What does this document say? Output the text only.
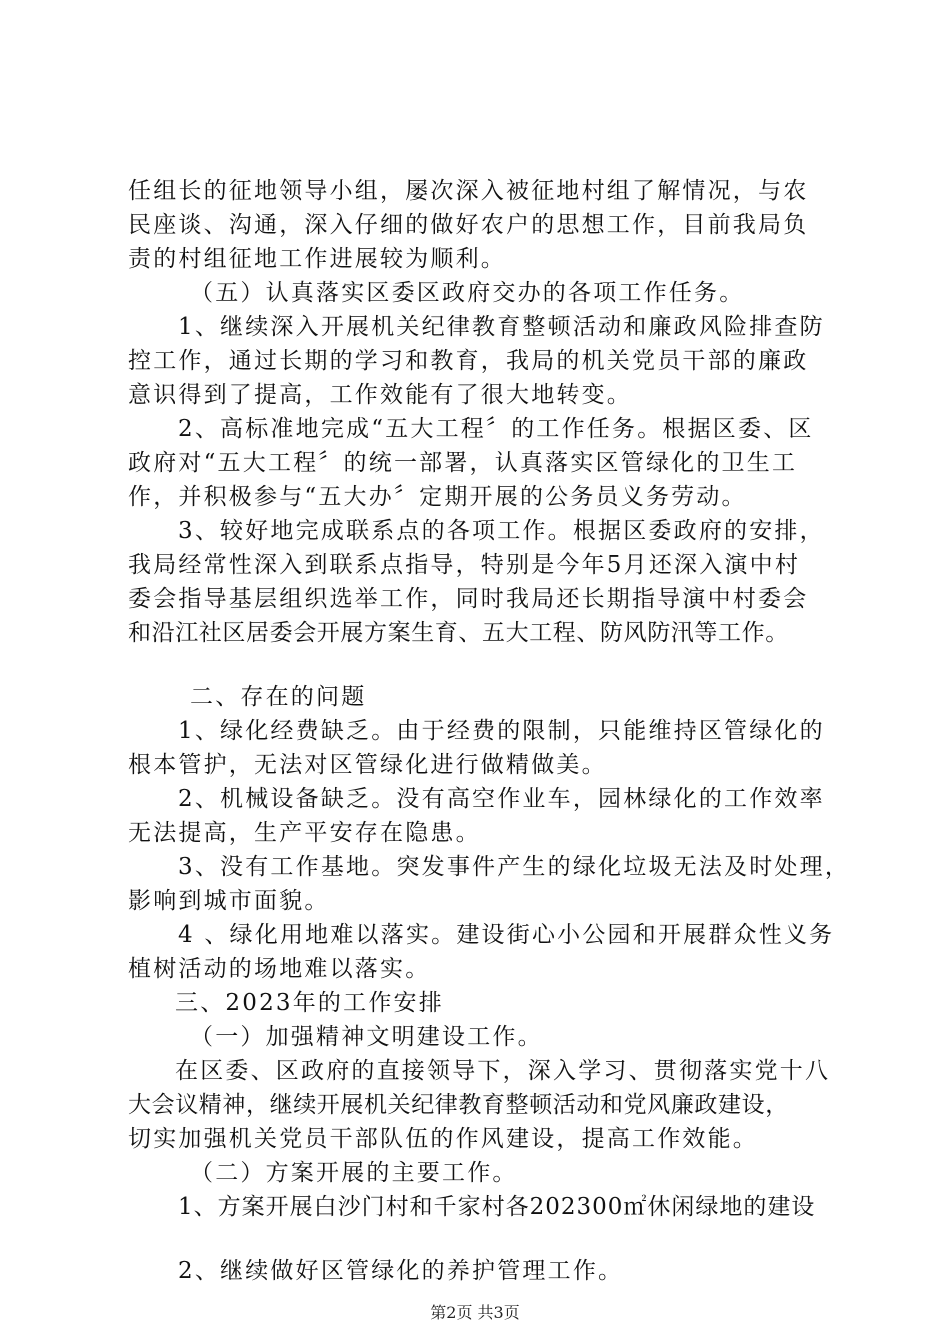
任组长的征地领导小组，屡次深入被征地村组了解情况，与农
民座谈、沟通，深入仔细的做好农户的思想工作，目前我局负
责的村组征地工作进展较为顺利。
（五）认真落实区委区政府交办的各项工作任务。
1、继续深入开展机关纪律教育整顿活动和廉政风险排查防
控工作，通过长期的学习和教育，我局的机关党员干部的廉政
意识得到了提高，工作效能有了很大地转变。
2、高标准地完成“五大工程〞的工作任务。根据区委、区
政府对“五大工程〞的统一部署，认真落实区管绿化的卫生工
作，并积极参与“五大办〞定期开展的公务员义务劳动。
3、较好地完成联系点的各项工作。根据区委政府的安排，
我局经常性深入到联系点指导，特别是今年5月还深入演中村
委会指导基层组织选举工作，同时我局还长期指导演中村委会
和沿江社区居委会开展方案生育、五大工程、防风防汛等工作。
二、存在的问题
1、绿化经费缺乏。由于经费的限制，只能维持区管绿化的
根本管护，无法对区管绿化进行做精做美。
2、机械设备缺乏。没有高空作业车，园林绿化的工作效率
无法提高，生产平安存在隐患。
3、没有工作基地。突发事件产生的绿化垃圾无法及时处理，
影响到城市面貌。
4 、绿化用地难以落实。建设街心小公园和开展群众性义务
植树活动的场地难以落实。
三、2023年的工作安排
（一）加强精神文明建设工作。
在区委、区政府的直接领导下，深入学习、贯彻落实党十八
大会议精神，继续开展机关纪律教育整顿活动和党风廉政建设，
切实加强机关党员干部队伍的作风建设，提高工作效能。
（二）方案开展的主要工作。
1、方案开展白沙门村和千家村各202300㎡休闲绿地的建设
2、继续做好区管绿化的养护管理工作。
第2页 共3页
